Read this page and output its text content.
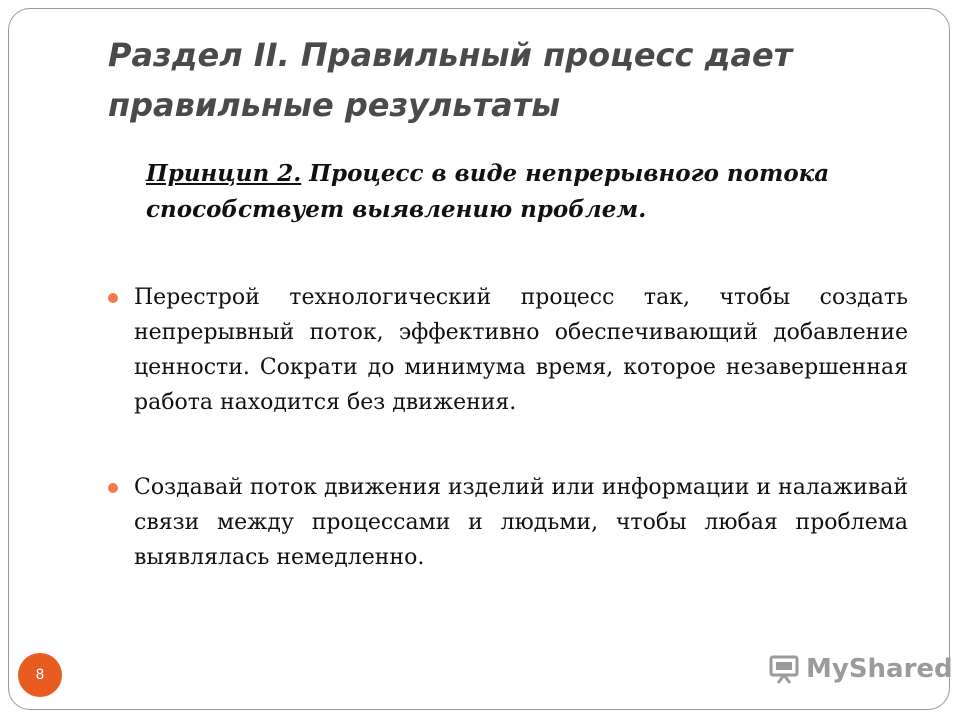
Раздел II. Правильный процесс дает правильные результаты

Принцип 2. Процесс в виде непрерывного потока способствует выявлению проблем.

Перестрой технологический процесс так, чтобы создать непрерывный поток, эффективно обеспечивающий добавление ценности. Сократи до минимума время, которое незавершенная работа находится без движения.
Создавай поток движения изделий или информации и налаживай связи между процессами и людьми, чтобы любая проблема выявлялась немедленно.
8	MyShared
